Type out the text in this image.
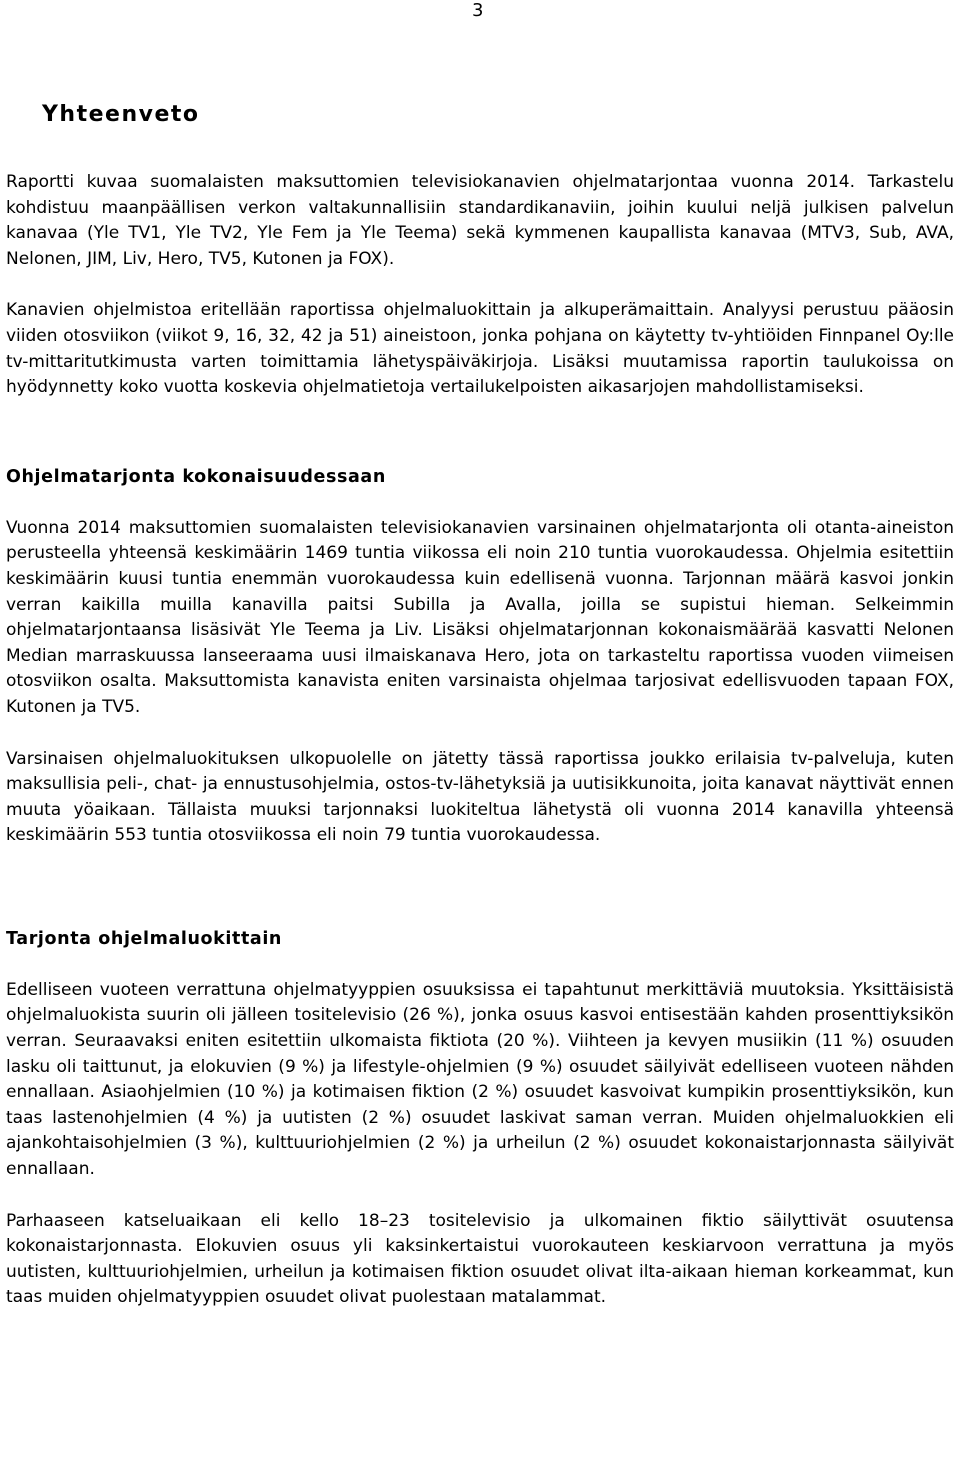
3
Yhteenveto

Raportti kuvaa suomalaisten maksuttomien televisiokanavien ohjelmatarjontaa vuonna 2014. Tarkastelu kohdistuu maanpäällisen verkon valtakunnallisiin standardikanaviin, joihin kuului neljä julkisen palvelun kanavaa (Yle TV1, Yle TV2, Yle Fem ja Yle Teema) sekä kymmenen kaupallista kanavaa (MTV3, Sub, AVA, Nelonen, JIM, Liv, Hero, TV5, Kutonen ja FOX).

Kanavien ohjelmistoa eritellään raportissa ohjelmaluokittain ja alkuperämaittain. Analyysi perustuu pääosin viiden otosviikon (viikot 9, 16, 32, 42 ja 51) aineistoon, jonka pohjana on käytetty tv-yhtiöiden Finnpanel Oy:lle tv-mittaritutkimusta varten toimittamia lähetyspäiväkirjoja. Lisäksi muutamissa raportin taulukoissa on hyödynnetty koko vuotta koskevia ohjelmatietoja vertailukelpoisten aikasarjojen mahdollistamiseksi.

Ohjelmatarjonta kokonaisuudessaan

Vuonna 2014 maksuttomien suomalaisten televisiokanavien varsinainen ohjelmatarjonta oli otanta-aineiston perusteella yhteensä keskimäärin 1469 tuntia viikossa eli noin 210 tuntia vuorokaudessa. Ohjelmia esitettiin keskimäärin kuusi tuntia enemmän vuorokaudessa kuin edellisenä vuonna. Tarjonnan määrä kasvoi jonkin verran kaikilla muilla kanavilla paitsi Subilla ja Avalla, joilla se supistui hieman. Selkeimmin ohjelmatarjontaansa lisäsivät Yle Teema ja Liv. Lisäksi ohjelmatarjonnan kokonaismäärää kasvatti Nelonen Median marraskuussa lanseeraama uusi ilmaiskanava Hero, jota on tarkasteltu raportissa vuoden viimeisen otosviikon osalta. Maksuttomista kanavista eniten varsinaista ohjelmaa tarjosivat edellisvuoden tapaan FOX, Kutonen ja TV5.

Varsinaisen ohjelmaluokituksen ulkopuolelle on jätetty tässä raportissa joukko erilaisia tv-palveluja, kuten maksullisia peli-, chat- ja ennustusohjelmia, ostos-tv-lähetyksiä ja uutisikkunoita, joita kanavat näyttivät ennen muuta yöaikaan. Tällaista muuksi tarjonnaksi luokiteltua lähetystä oli vuonna 2014 kanavilla yhteensä keskimäärin 553 tuntia otosviikossa eli noin 79 tuntia vuorokaudessa.

Tarjonta ohjelmaluokittain

Edelliseen vuoteen verrattuna ohjelmatyyppien osuuksissa ei tapahtunut merkittäviä muutoksia. Yksittäisistä ohjelmaluokista suurin oli jälleen tositelevisio (26 %), jonka osuus kasvoi entisestään kahden prosenttiyksikön verran. Seuraavaksi eniten esitettiin ulkomaista fiktiota (20 %). Viihteen ja kevyen musiikin (11 %) osuuden lasku oli taittunut, ja elokuvien (9 %) ja lifestyle-ohjelmien (9 %) osuudet säilyivät edelliseen vuoteen nähden ennallaan. Asiaohjelmien (10 %) ja kotimaisen fiktion (2 %) osuudet kasvoivat kumpikin prosenttiyksikön, kun taas lastenohjelmien (4 %) ja uutisten (2 %) osuudet laskivat saman verran. Muiden ohjelmaluokkien eli ajankohtaisohjelmien (3 %), kulttuuriohjelmien (2 %) ja urheilun (2 %) osuudet kokonaistarjonnasta säilyivät ennallaan.

Parhaaseen katseluaikaan eli kello 18–23 tositelevisio ja ulkomainen fiktio säilyttivät osuutensa kokonaistarjonnasta. Elokuvien osuus yli kaksinkertaistui vuorokauteen keskiarvoon verrattuna ja myös uutisten, kulttuuriohjelmien, urheilun ja kotimaisen fiktion osuudet olivat ilta-aikaan hieman korkeammat, kun taas muiden ohjelmatyyppien osuudet olivat puolestaan matalammat.
